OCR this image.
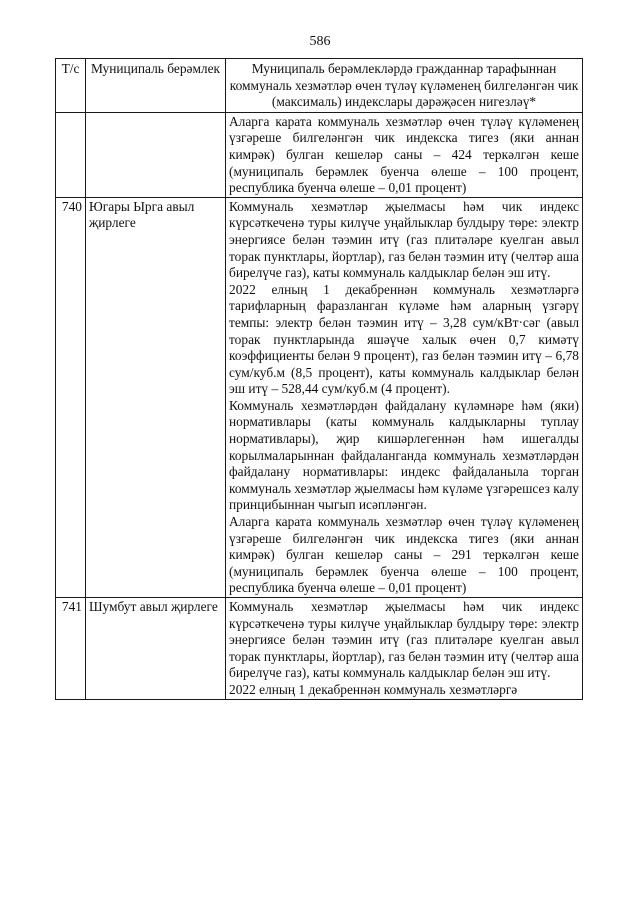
586
Т/с	Муниципаль берәмлек	Муниципаль берәмлекләрдә гражданнар тарафыннан коммуналь хезмәтләр өчен түләү күләменең билгеләнгән чик (максималь) индекслары дәрәҗәсен нигезләү*

		Аларга карата коммуналь хезмәтләр өчен түләү күләменең үзгәреше билгеләнгән чик индекска тигез (яки аннан кимрәк) булган кешеләр саны – 424 теркәлгән кеше (муниципаль берәмлек буенча өлеше – 100 процент, республика буенча өлеше – 0,01 процент)

740	Югары Ырга авыл җирлеге	Коммуналь хезмәтләр җыелмасы һәм чик индекс күрсәткеченә туры килүче уңайлыклар булдыру төре: электр энергиясе белән тәэмин итү (газ плитәләре куелган авыл торак пунктлары, йортлар), газ белән тәэмин итү (челтәр аша бирелүче газ), каты коммуналь калдыклар белән эш итү.

2022 елның 1 декабреннән коммуналь хезмәтләргә тарифларның фаразланган күләме һәм аларның үзгәрү темпы: электр белән тәэмин итү – 3,28 сум/кВт·сәг (авыл торак пунктларында яшәүче халык өчен 0,7 кимәтү коэффициенты белән 9 процент), газ белән тәэмин итү – 6,78 сум/куб.м (8,5 процент), каты коммуналь калдыклар белән эш итү – 528,44 сум/куб.м (4 процент).

Коммуналь хезмәтләрдән файдалану күләмнәре һәм (яки) нормативлары (каты коммуналь калдыкларны туплау нормативлары), җир кишәрлегеннән һәм ишегалды корылмаларыннан файдаланганда коммуналь хезмәтләрдән файдалану нормативлары: индекс файдаланыла торган коммуналь хезмәтләр җыелмасы һәм күләме үзгәрешсез калу принцибыннан чыгып исәпләнгән.

Аларга карата коммуналь хезмәтләр өчен түләү күләменең үзгәреше билгеләнгән чик индекска тигез (яки аннан кимрәк) булган кешеләр саны – 291 теркәлгән кеше (муниципаль берәмлек буенча өлеше – 100 процент, республика буенча өлеше – 0,01 процент)

741	Шумбут авыл җирлеге	Коммуналь хезмәтләр җыелмасы һәм чик индекс күрсәткеченә туры килүче уңайлыклар булдыру төре: электр энергиясе белән тәэмин итү (газ плитәләре куелган авыл торак пунктлары, йортлар), газ белән тәэмин итү (челтәр аша бирелүче газ), каты коммуналь калдыклар белән эш итү.

2022 елның 1 декабреннән коммуналь хезмәтләргә
